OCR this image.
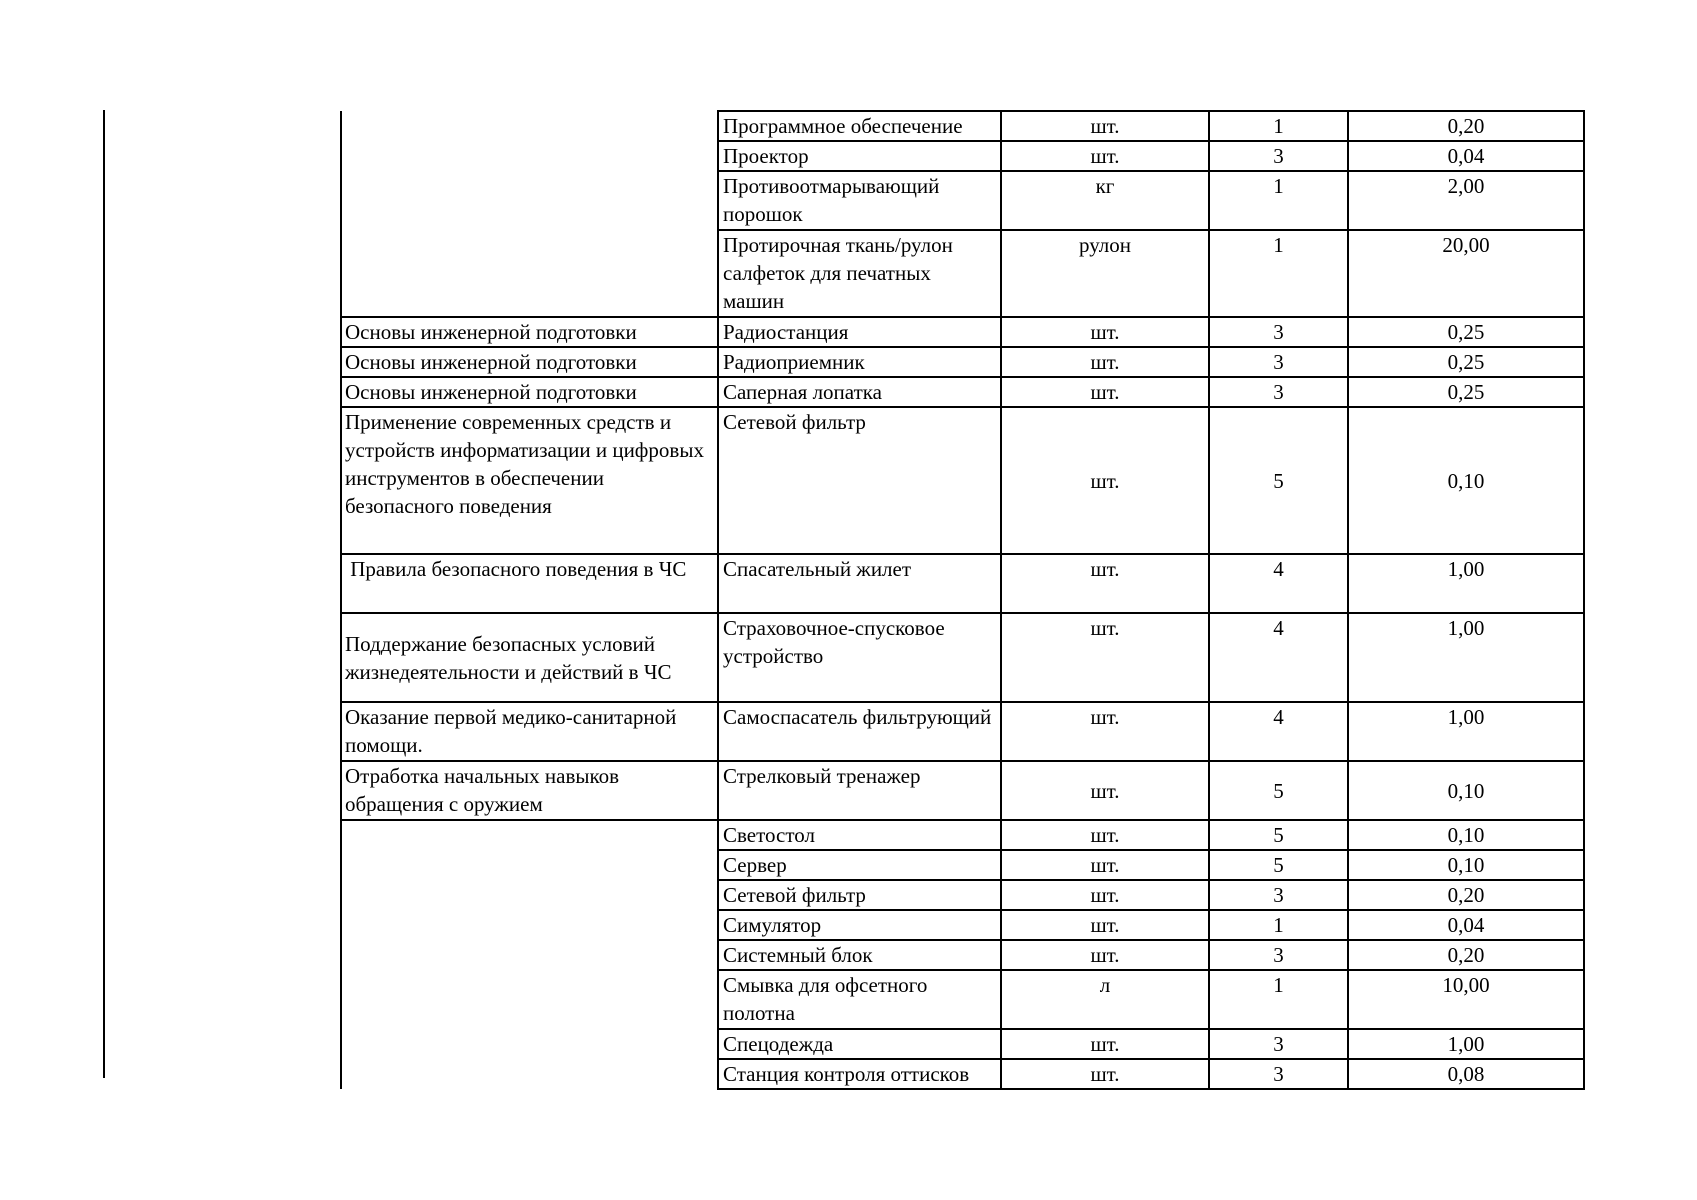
	Программное обеспечение	шт.	1	0,20
	Проектор	шт.	3	0,04
	Противоотмарывающий порошок	кг	1	2,00
	Протирочная ткань/рулон салфеток для печатных машин	рулон	1	20,00
Основы инженерной подготовки	Радиостанция	шт.	3	0,25
Основы инженерной подготовки	Радиоприемник	шт.	3	0,25
Основы инженерной подготовки	Саперная лопатка	шт.	3	0,25
Применение современных средств и устройств информатизации и цифровых инструментов в обеспечении безопасного поведения	Сетевой фильтр	шт.	5	0,10
Правила безопасного поведения в ЧС	Спасательный жилет	шт.	4	1,00
Поддержание безопасных условий жизнедеятельности и действий в ЧС	Страховочное-спусковое устройство	шт.	4	1,00
Оказание первой медико-санитарной помощи.	Самоспасатель фильтрующий	шт.	4	1,00
Отработка начальных навыков обращения с оружием	Стрелковый тренажер	шт.	5	0,10
	Светостол	шт.	5	0,10
	Сервер	шт.	5	0,10
	Сетевой фильтр	шт.	3	0,20
	Симулятор	шт.	1	0,04
	Системный блок	шт.	3	0,20
	Смывка для офсетного полотна	л	1	10,00
	Спецодежда	шт.	3	1,00
	Станция контроля оттисков	шт.	3	0,08
